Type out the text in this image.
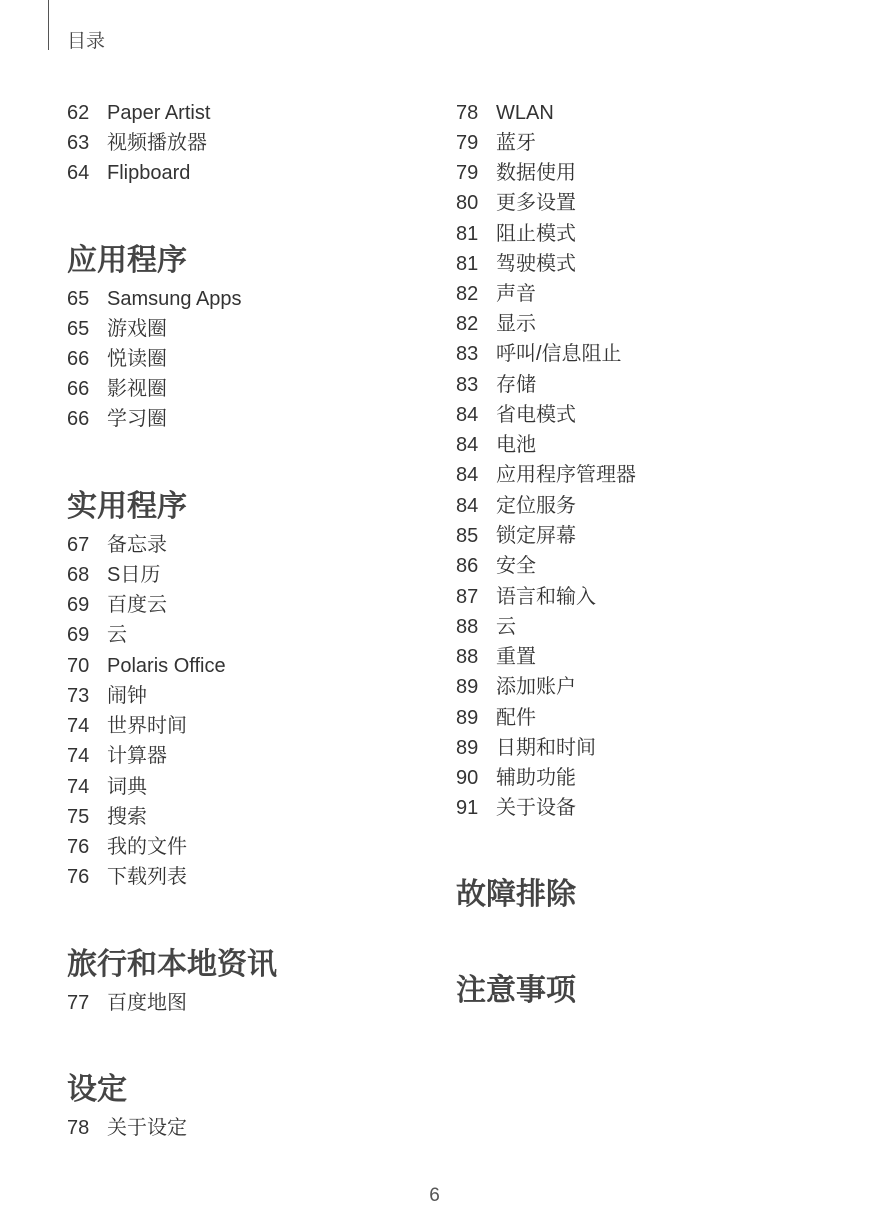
目录
62 Paper Artist
63 视频播放器
64 Flipboard
应用程序
65 Samsung Apps
65 游戏圈
66 悦读圈
66 影视圈
66 学习圈
实用程序
67 备忘录
68 S日历
69 百度云
69 云
70 Polaris Office
73 闹钟
74 世界时间
74 计算器
74 词典
75 搜索
76 我的文件
76 下载列表
旅行和本地资讯
77 百度地图
设定
78 关于设定
78 WLAN
79 蓝牙
79 数据使用
80 更多设置
81 阻止模式
81 驾驶模式
82 声音
82 显示
83 呼叫/信息阻止
83 存储
84 省电模式
84 电池
84 应用程序管理器
84 定位服务
85 锁定屏幕
86 安全
87 语言和输入
88 云
88 重置
89 添加账户
89 配件
89 日期和时间
90 辅助功能
91 关于设备
故障排除
注意事项
6
